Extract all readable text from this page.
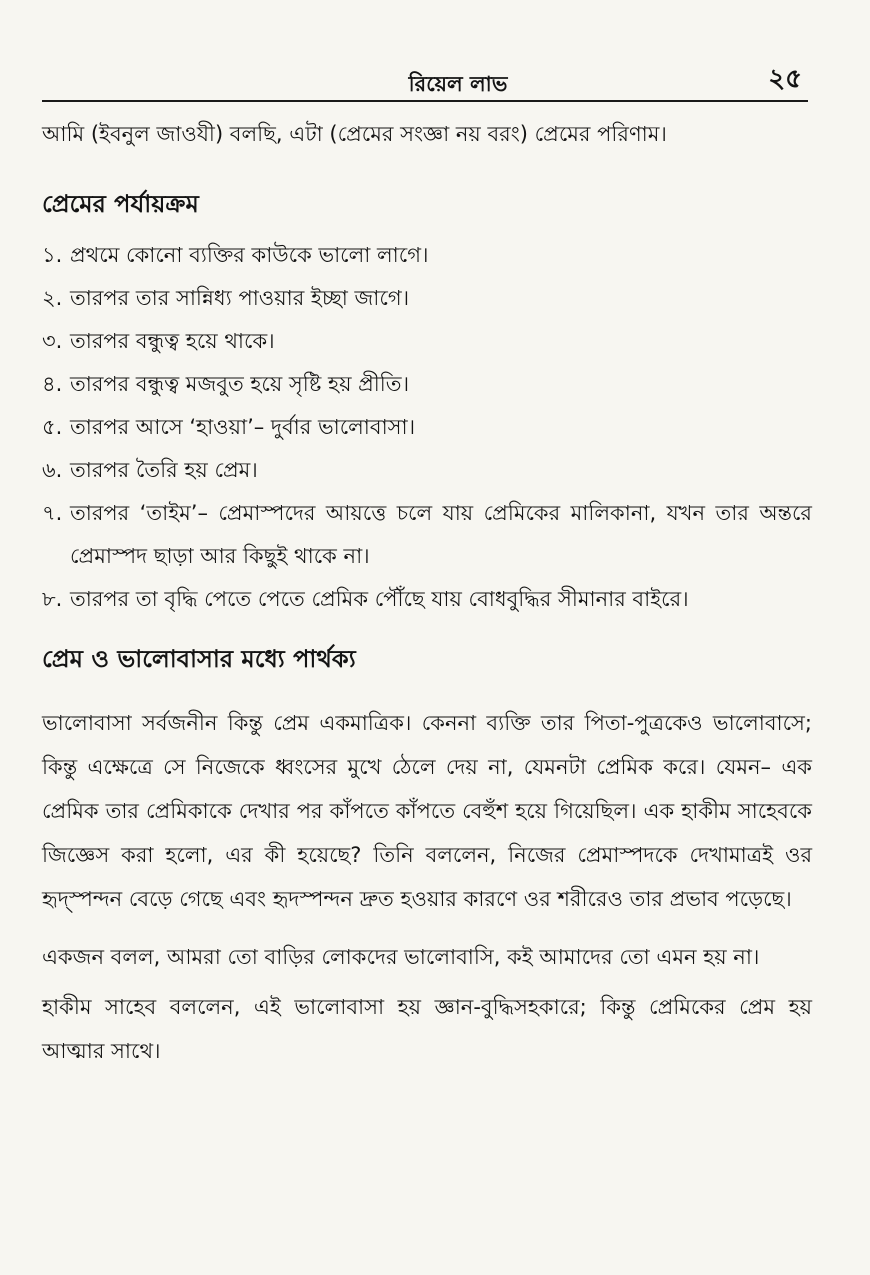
রিয়েল লাভ	২৫

আমি (ইবনুল জাওযী) বলছি, এটা (প্রেমের সংজ্ঞা নয় বরং) প্রেমের পরিণাম।

প্রেমের পর্যায়ক্রম
১. প্রথমে কোনো ব্যক্তির কাউকে ভালো লাগে।
২. তারপর তার সান্নিধ্য পাওয়ার ইচ্ছা জাগে।
৩. তারপর বন্ধুত্ব হয়ে থাকে।
৪. তারপর বন্ধুত্ব মজবুত হয়ে সৃষ্টি হয় প্রীতি।
৫. তারপর আসে ‘হাওয়া’– দুর্বার ভালোবাসা।
৬. তারপর তৈরি হয় প্রেম।
৭. তারপর ‘তাইম’– প্রেমাস্পদের আয়ত্তে চলে যায় প্রেমিকের মালিকানা, যখন তার অন্তরে প্রেমাস্পদ ছাড়া আর কিছুই থাকে না।
৮. তারপর তা বৃদ্ধি পেতে পেতে প্রেমিক পৌঁছে যায় বোধবুদ্ধির সীমানার বাইরে।
প্রেম ও ভালোবাসার মধ্যে পার্থক্য

ভালোবাসা সর্বজনীন কিন্তু প্রেম একমাত্রিক। কেননা ব্যক্তি তার পিতা-পুত্রকেও ভালোবাসে; কিন্তু এক্ষেত্রে সে নিজেকে ধ্বংসের মুখে ঠেলে দেয় না, যেমনটা প্রেমিক করে। যেমন– এক প্রেমিক তার প্রেমিকাকে দেখার পর কাঁপতে কাঁপতে বেহুঁশ হয়ে গিয়েছিল। এক হাকীম সাহেবকে জিজ্ঞেস করা হলো, এর কী হয়েছে? তিনি বললেন, নিজের প্রেমাস্পদকে দেখামাত্রই ওর হৃদ্‌স্পন্দন বেড়ে গেছে এবং হৃদস্পন্দন দ্রুত হওয়ার কারণে ওর শরীরেও তার প্রভাব পড়েছে।

একজন বলল, আমরা তো বাড়ির লোকদের ভালোবাসি, কই আমাদের তো এমন হয় না।

হাকীম সাহেব বললেন, এই ভালোবাসা হয় জ্ঞান-বুদ্ধিসহকারে; কিন্তু প্রেমিকের প্রেম হয় আত্মার সাথে।
